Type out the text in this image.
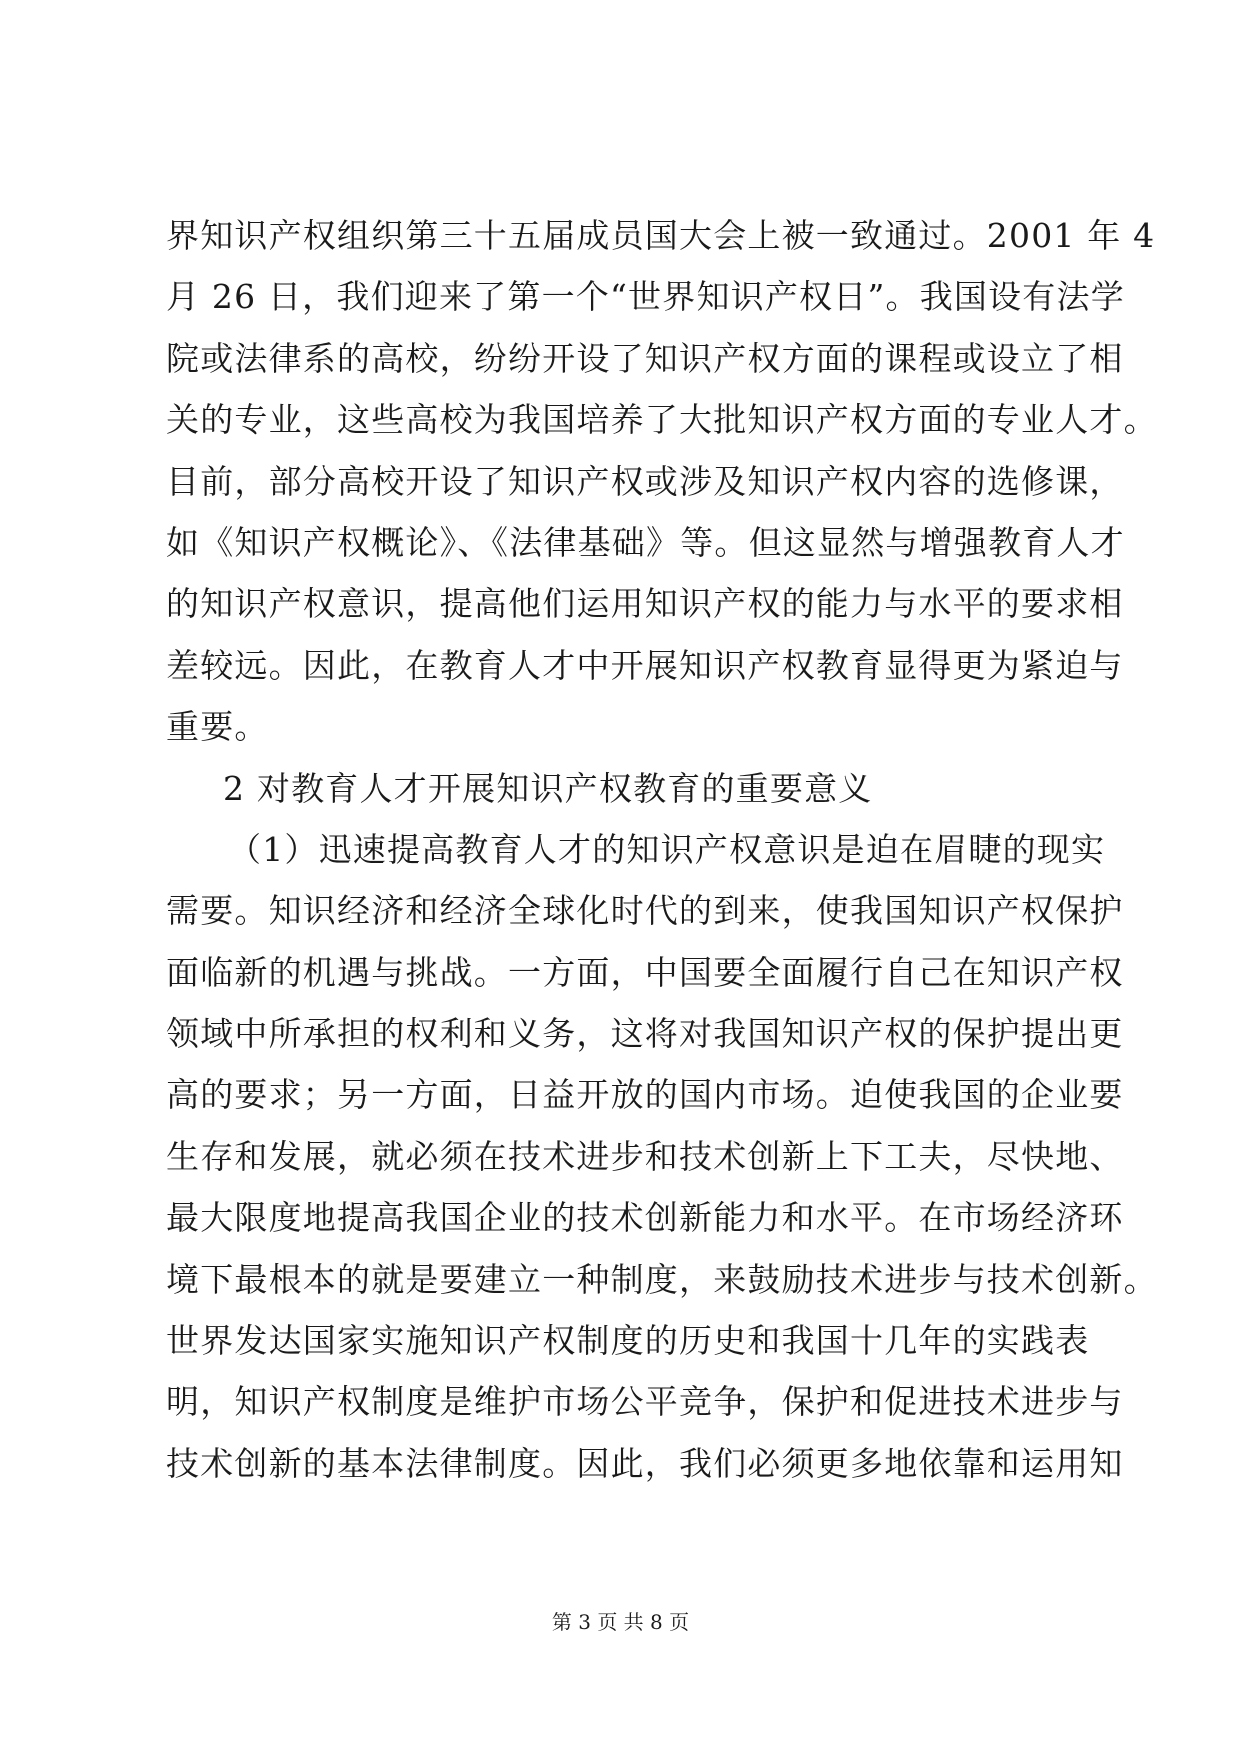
界知识产权组织第三十五届成员国大会上被一致通过。2001 年 4
月 26 日，我们迎来了第一个“世界知识产权日”。我国设有法学
院或法律系的高校，纷纷开设了知识产权方面的课程或设立了相
关的专业，这些高校为我国培养了大批知识产权方面的专业人才。
目前，部分高校开设了知识产权或涉及知识产权内容的选修课，
如《知识产权概论》、《法律基础》等。但这显然与增强教育人才
的知识产权意识，提高他们运用知识产权的能力与水平的要求相
差较远。因此，在教育人才中开展知识产权教育显得更为紧迫与
重要。
2 对教育人才开展知识产权教育的重要意义
（1）迅速提高教育人才的知识产权意识是迫在眉睫的现实
需要。知识经济和经济全球化时代的到来，使我国知识产权保护
面临新的机遇与挑战。一方面，中国要全面履行自己在知识产权
领域中所承担的权利和义务，这将对我国知识产权的保护提出更
高的要求；另一方面，日益开放的国内市场。迫使我国的企业要
生存和发展，就必须在技术进步和技术创新上下工夫，尽快地、
最大限度地提高我国企业的技术创新能力和水平。在市场经济环
境下最根本的就是要建立一种制度，来鼓励技术进步与技术创新。
世界发达国家实施知识产权制度的历史和我国十几年的实践表
明，知识产权制度是维护市场公平竞争，保护和促进技术进步与
技术创新的基本法律制度。因此，我们必须更多地依靠和运用知
第 3 页 共 8 页
